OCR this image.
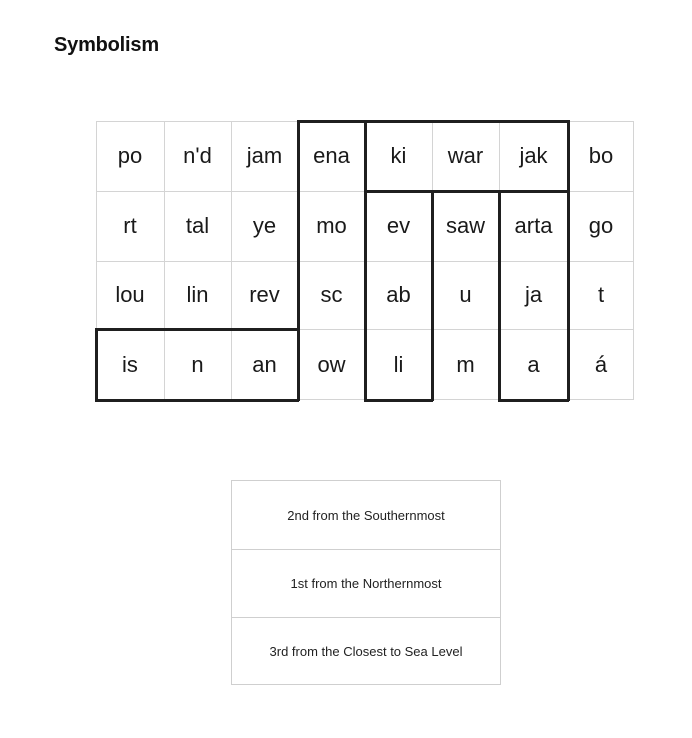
Symbolism
po	n'd	jam	ena	ki	war	jak	bo
rt	tal	ye	mo	ev	saw	arta	go
lou	lin	rev	sc	ab	u	ja	t
is	n	an	ow	li	m	a	á
2nd from the Southernmost
1st from the Northernmost
3rd from the Closest to Sea Level
